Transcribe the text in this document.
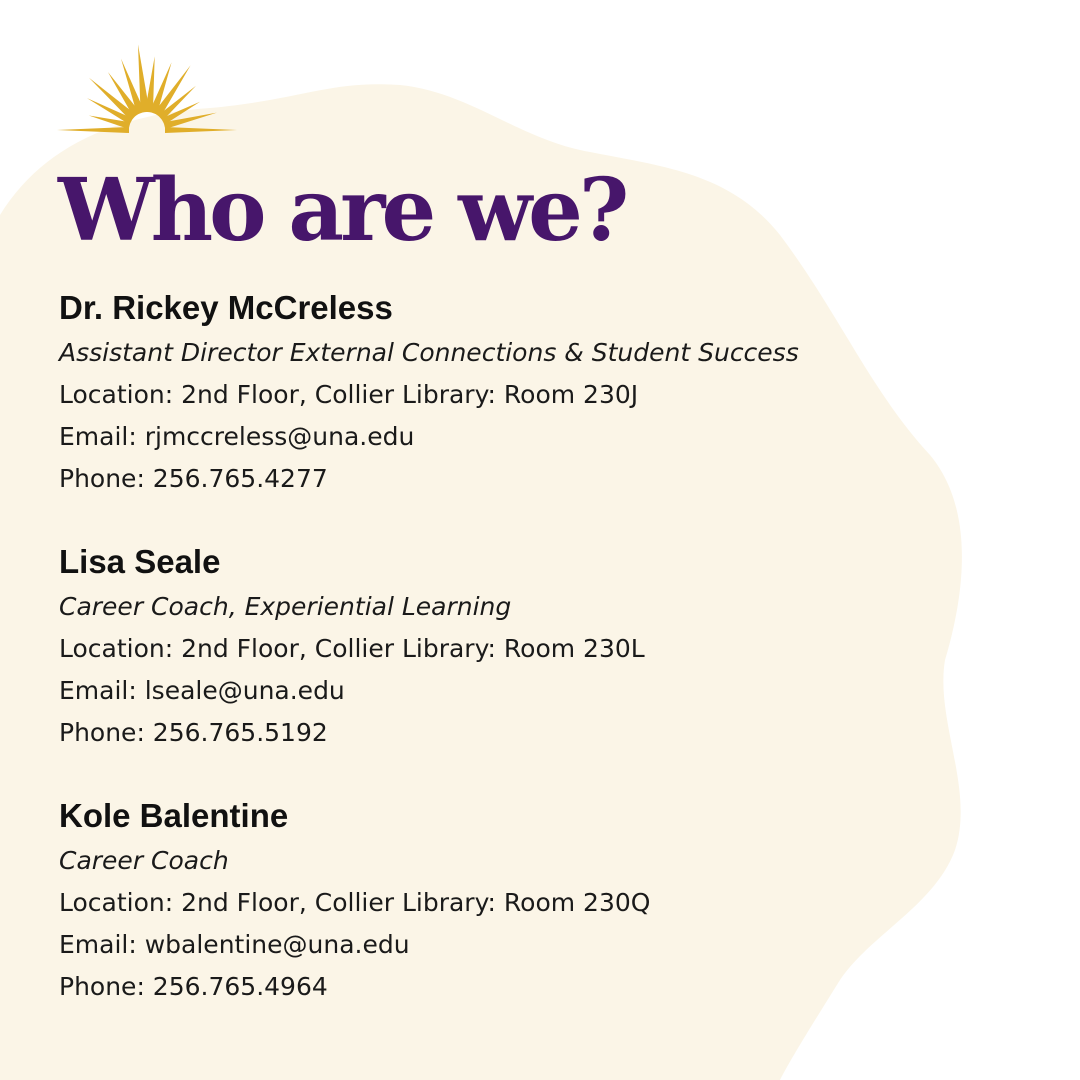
Who are we?
Dr. Rickey McCreless
Assistant Director External Connections & Student Success
Location: 2nd Floor, Collier Library: Room 230J
Email: rjmccreless@una.edu
Phone: 256.765.4277
Lisa Seale
Career Coach, Experiential Learning
Location: 2nd Floor, Collier Library: Room 230L
Email: lseale@una.edu
Phone: 256.765.5192
Kole Balentine
Career Coach
Location: 2nd Floor, Collier Library: Room 230Q
Email: wbalentine@una.edu
Phone: 256.765.4964
